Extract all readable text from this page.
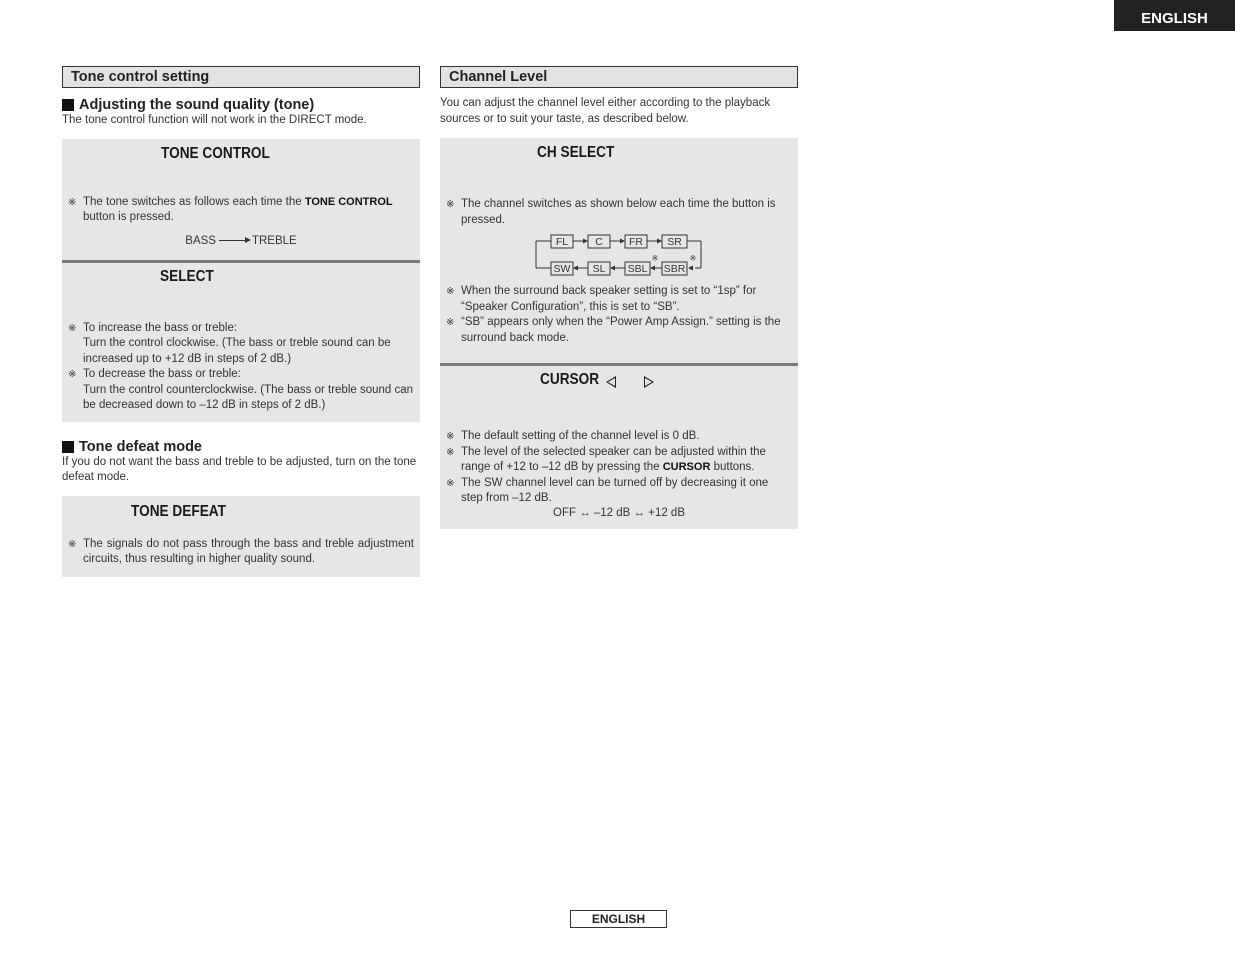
ENGLISH
Tone control setting
Adjusting the sound quality (tone)
The tone control function will not work in the DIRECT mode.
TONE CONTROL
※ The tone switches as follows each time the TONE CONTROL
button is pressed.
BASS	TREBLE
SELECT
※ To increase the bass or treble:
Turn the control clockwise. (The bass or treble sound can be increased up to +12 dB in steps of 2 dB.)
※ To decrease the bass or treble:
Turn the control counterclockwise. (The bass or treble sound can be decreased down to –12 dB in steps of 2 dB.)
Tone defeat mode
If you do not want the bass and treble to be adjusted, turn on the tone defeat mode.
TONE DEFEAT
※ The signals do not pass through the bass and treble adjustment circuits, thus resulting in higher quality sound.
Channel Level
You can adjust the channel level either according to the playback sources or to suit your taste, as described below.
CH SELECT
※ The channel switches as shown below each time the button is pressed.
FL	C FR SR
SW SL SBL
※
SBR
※
※ When the surround back speaker setting is set to “1sp” for “Speaker Configuration”, this is set to “SB”.
※ “SB” appears only when the “Power Amp Assign.” setting is the surround back mode.
CURSOR
※ The default setting of the channel level is 0 dB.
※ The level of the selected speaker can be adjusted within the range of +12 to –12 dB by pressing the CURSOR buttons.
※ The SW channel level can be turned off by decreasing it one step from –12 dB.
OFF ↔ –12 dB ↔ +12 dB
ENGLISH
